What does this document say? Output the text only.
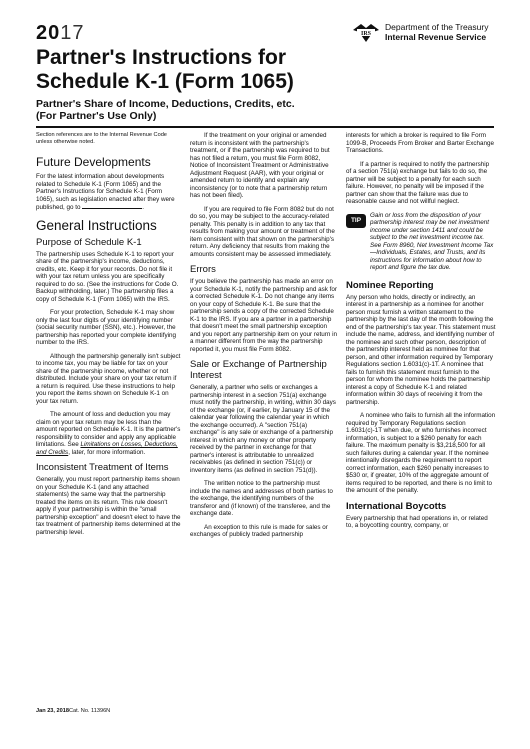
2017
Partner's Instructions for Schedule K-1 (Form 1065)
Partner's Share of Income, Deductions, Credits, etc.
(For Partner's Use Only)
IRS
Department of the Treasury
Internal Revenue Service

Section references are to the Internal Revenue Code unless otherwise noted.

Future Developments

For the latest information about developments related to Schedule K-1 (Form 1065) and the Partner's Instructions for Schedule K-1 (Form 1065), such as legislation enacted after they were published, go to	.

General Instructions
Purpose of Schedule K-1

The partnership uses Schedule K-1 to report your share of the partnership's income, deductions, credits, etc. Keep it for your records. Do not file it with your tax return unless you are specifically required to do so. (See the instructions for Code O. Backup withholding, later.) The partnership files a copy of Schedule K-1 (Form 1065) with the IRS.

For your protection, Schedule K-1 may show only the last four digits of your identifying number (social security number (SSN), etc.). However, the partnership has reported your complete identifying number to the IRS.

Although the partnership generally isn't subject to income tax, you may be liable for tax on your share of the partnership income, whether or not distributed. Include your share on your tax return if a return is required. Use these instructions to help you report the items shown on Schedule K-1 on your tax return.

The amount of loss and deduction you may claim on your tax return may be less than the amount reported on Schedule K-1. It is the partner's responsibility to consider and apply any applicable limitations. See Limitations on Losses, Deductions, and Credits, later, for more information.

Inconsistent Treatment of Items

Generally, you must report partnership items shown on your Schedule K-1 (and any attached statements) the same way that the partnership treated the items on its return. This rule doesn't apply if your partnership is within the "small partnership exception" and doesn't elect to have the tax treatment of partnership items determined at the partnership level.

If the treatment on your original or amended return is inconsistent with the partnership's treatment, or if the partnership was required to but has not filed a return, you must file Form 8082, Notice of Inconsistent Treatment or Administrative Adjustment Request (AAR), with your original or amended return to identify and explain any inconsistency (or to note that a partnership return has not been filed).

If you are required to file Form 8082 but do not do so, you may be subject to the accuracy-related penalty. This penalty is in addition to any tax that results from making your amount or treatment of the item consistent with that shown on the partnership's return. Any deficiency that results from making the amounts consistent may be assessed immediately.

Errors

If you believe the partnership has made an error on your Schedule K-1, notify the partnership and ask for a corrected Schedule K-1. Do not change any items on your copy of Schedule K-1. Be sure that the partnership sends a copy of the corrected Schedule K-1 to the IRS. If you are a partner in a partnership that doesn't meet the small partnership exception and you report any partnership item on your return in a manner different from the way the partnership reported it, you must file Form 8082.

Sale or Exchange of Partnership Interest

Generally, a partner who sells or exchanges a partnership interest in a section 751(a) exchange must notify the partnership, in writing, within 30 days of the exchange (or, if earlier, by January 15 of the calendar year following the calendar year in which the exchange occurred). A "section 751(a) exchange" is any sale or exchange of a partnership interest in which any money or other property received by the partner in exchange for that partner's interest is attributable to unrealized receivables (as defined in section 751(c)) or inventory items (as defined in section 751(d)).

The written notice to the partnership must include the names and addresses of both parties to the exchange, the identifying numbers of the transferor and (if known) of the transferee, and the exchange date.

An exception to this rule is made for sales or exchanges of publicly traded partnership

interests for which a broker is required to file Form 1099-B, Proceeds From Broker and Barter Exchange Transactions.

If a partner is required to notify the partnership of a section 751(a) exchange but fails to do so, the partner will be subject to a penalty for each such failure. However, no penalty will be imposed if the partner can show that the failure was due to reasonable cause and not willful neglect.

TIP
Gain or loss from the disposition of your partnership interest may be net investment income under section 1411 and could be subject to the net investment income tax. See Form 8960, Net Investment Income Tax—Individuals, Estates, and Trusts, and its instructions for information about how to report and figure the tax due.
Nominee Reporting

Any person who holds, directly or indirectly, an interest in a partnership as a nominee for another person must furnish a written statement to the partnership by the last day of the month following the end of the partnership's tax year. This statement must include the name, address, and identifying number of the nominee and such other person, description of the partnership interest held as nominee for that person, and other information required by Temporary Regulations section 1.6031(c)-1T. A nominee that fails to furnish this statement must furnish to the person for whom the nominee holds the partnership interest a copy of Schedule K-1 and related information within 30 days of receiving it from the partnership.

A nominee who fails to furnish all the information required by Temporary Regulations section 1.6031(c)-1T when due, or who furnishes incorrect information, is subject to a $260 penalty for each failure. The maximum penalty is $3,218,500 for all such failures during a calendar year. If the nominee intentionally disregards the requirement to report correct information, each $260 penalty increases to $530 or, if greater, 10% of the aggregate amount of items required to be reported, and there is no limit to the amount of the penalty.

International Boycotts

Every partnership that had operations in, or related to, a boycotting country, company, or

Jan 23, 2018Cat. No. 11396N
